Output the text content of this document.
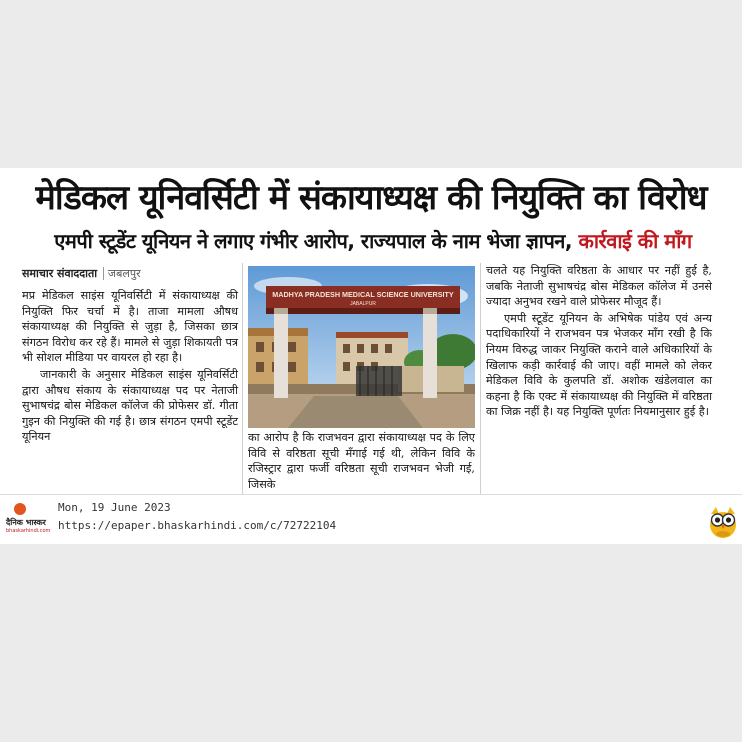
मेडिकल यूनिवर्सिटी में संकायाध्यक्ष की नियुक्ति का विरोध
एमपी स्टूडेंट यूनियन ने लगाए गंभीर आरोप, राज्यपाल के नाम भेजा ज्ञापन, कार्रवाई की माँग
समाचार संवाददाता जबलपुर

मप्र मेडिकल साइंस यूनिवर्सिटी में संकायाध्यक्ष की नियुक्ति फिर चर्चा में है। ताजा मामला औषध संकायाध्यक्ष की नियुक्ति से जुड़ा है, जिसका छात्र संगठन विरोध कर रहे हैं। मामले से जुड़ा शिकायती पत्र भी सोशल मीडिया पर वायरल हो रहा है।

जानकारी के अनुसार मेडिकल साइंस यूनिवर्सिटी द्वारा औषध संकाय के संकायाध्यक्ष पद पर नेताजी सुभाषचंद्र बोस मेडिकल कॉलेज की प्रोफेसर डॉ. गीता गुइन की नियुक्ति की गई है। छात्र संगठन एमपी स्टूडेंट यूनियन

MADHYA PRADESH MEDICAL SCIENCE UNIVERSITY
JABALPUR

का आरोप है कि राजभवन द्वारा संकायाध्यक्ष पद के लिए विवि से वरिष्ठता सूची मँगाई गई थी, लेकिन विवि के रजिस्ट्रार द्वारा फर्जी वरिष्ठता सूची राजभवन भेजी गई, जिसके

चलते यह नियुक्ति वरिष्ठता के आधार पर नहीं हुई है, जबकि नेताजी सुभाषचंद्र बोस मेडिकल कॉलेज में उनसे ज्यादा अनुभव रखने वाले प्रोफेसर मौजूद हैं।

एमपी स्टूडेंट यूनियन के अभिषेक पांडेय एवं अन्य पदाधिकारियों ने राजभवन पत्र भेजकर माँग रखी है कि नियम विरुद्ध जाकर नियुक्ति कराने वाले अधिकारियों के खिलाफ कड़ी कार्रवाई की जाए। वहीं मामले को लेकर मेडिकल विवि के कुलपति डॉ. अशोक खंडेलवाल का कहना है कि एक्ट में संकायाध्यक्ष की नियुक्ति में वरिष्ठता का जिक्र नहीं है। यह नियुक्ति पूर्णतः नियमानुसार हुई है।

दैनिक भास्कर
bhaskarhindi.com
Mon, 19 June 2023
https://epaper.bhaskarhindi.com/c/72722104
